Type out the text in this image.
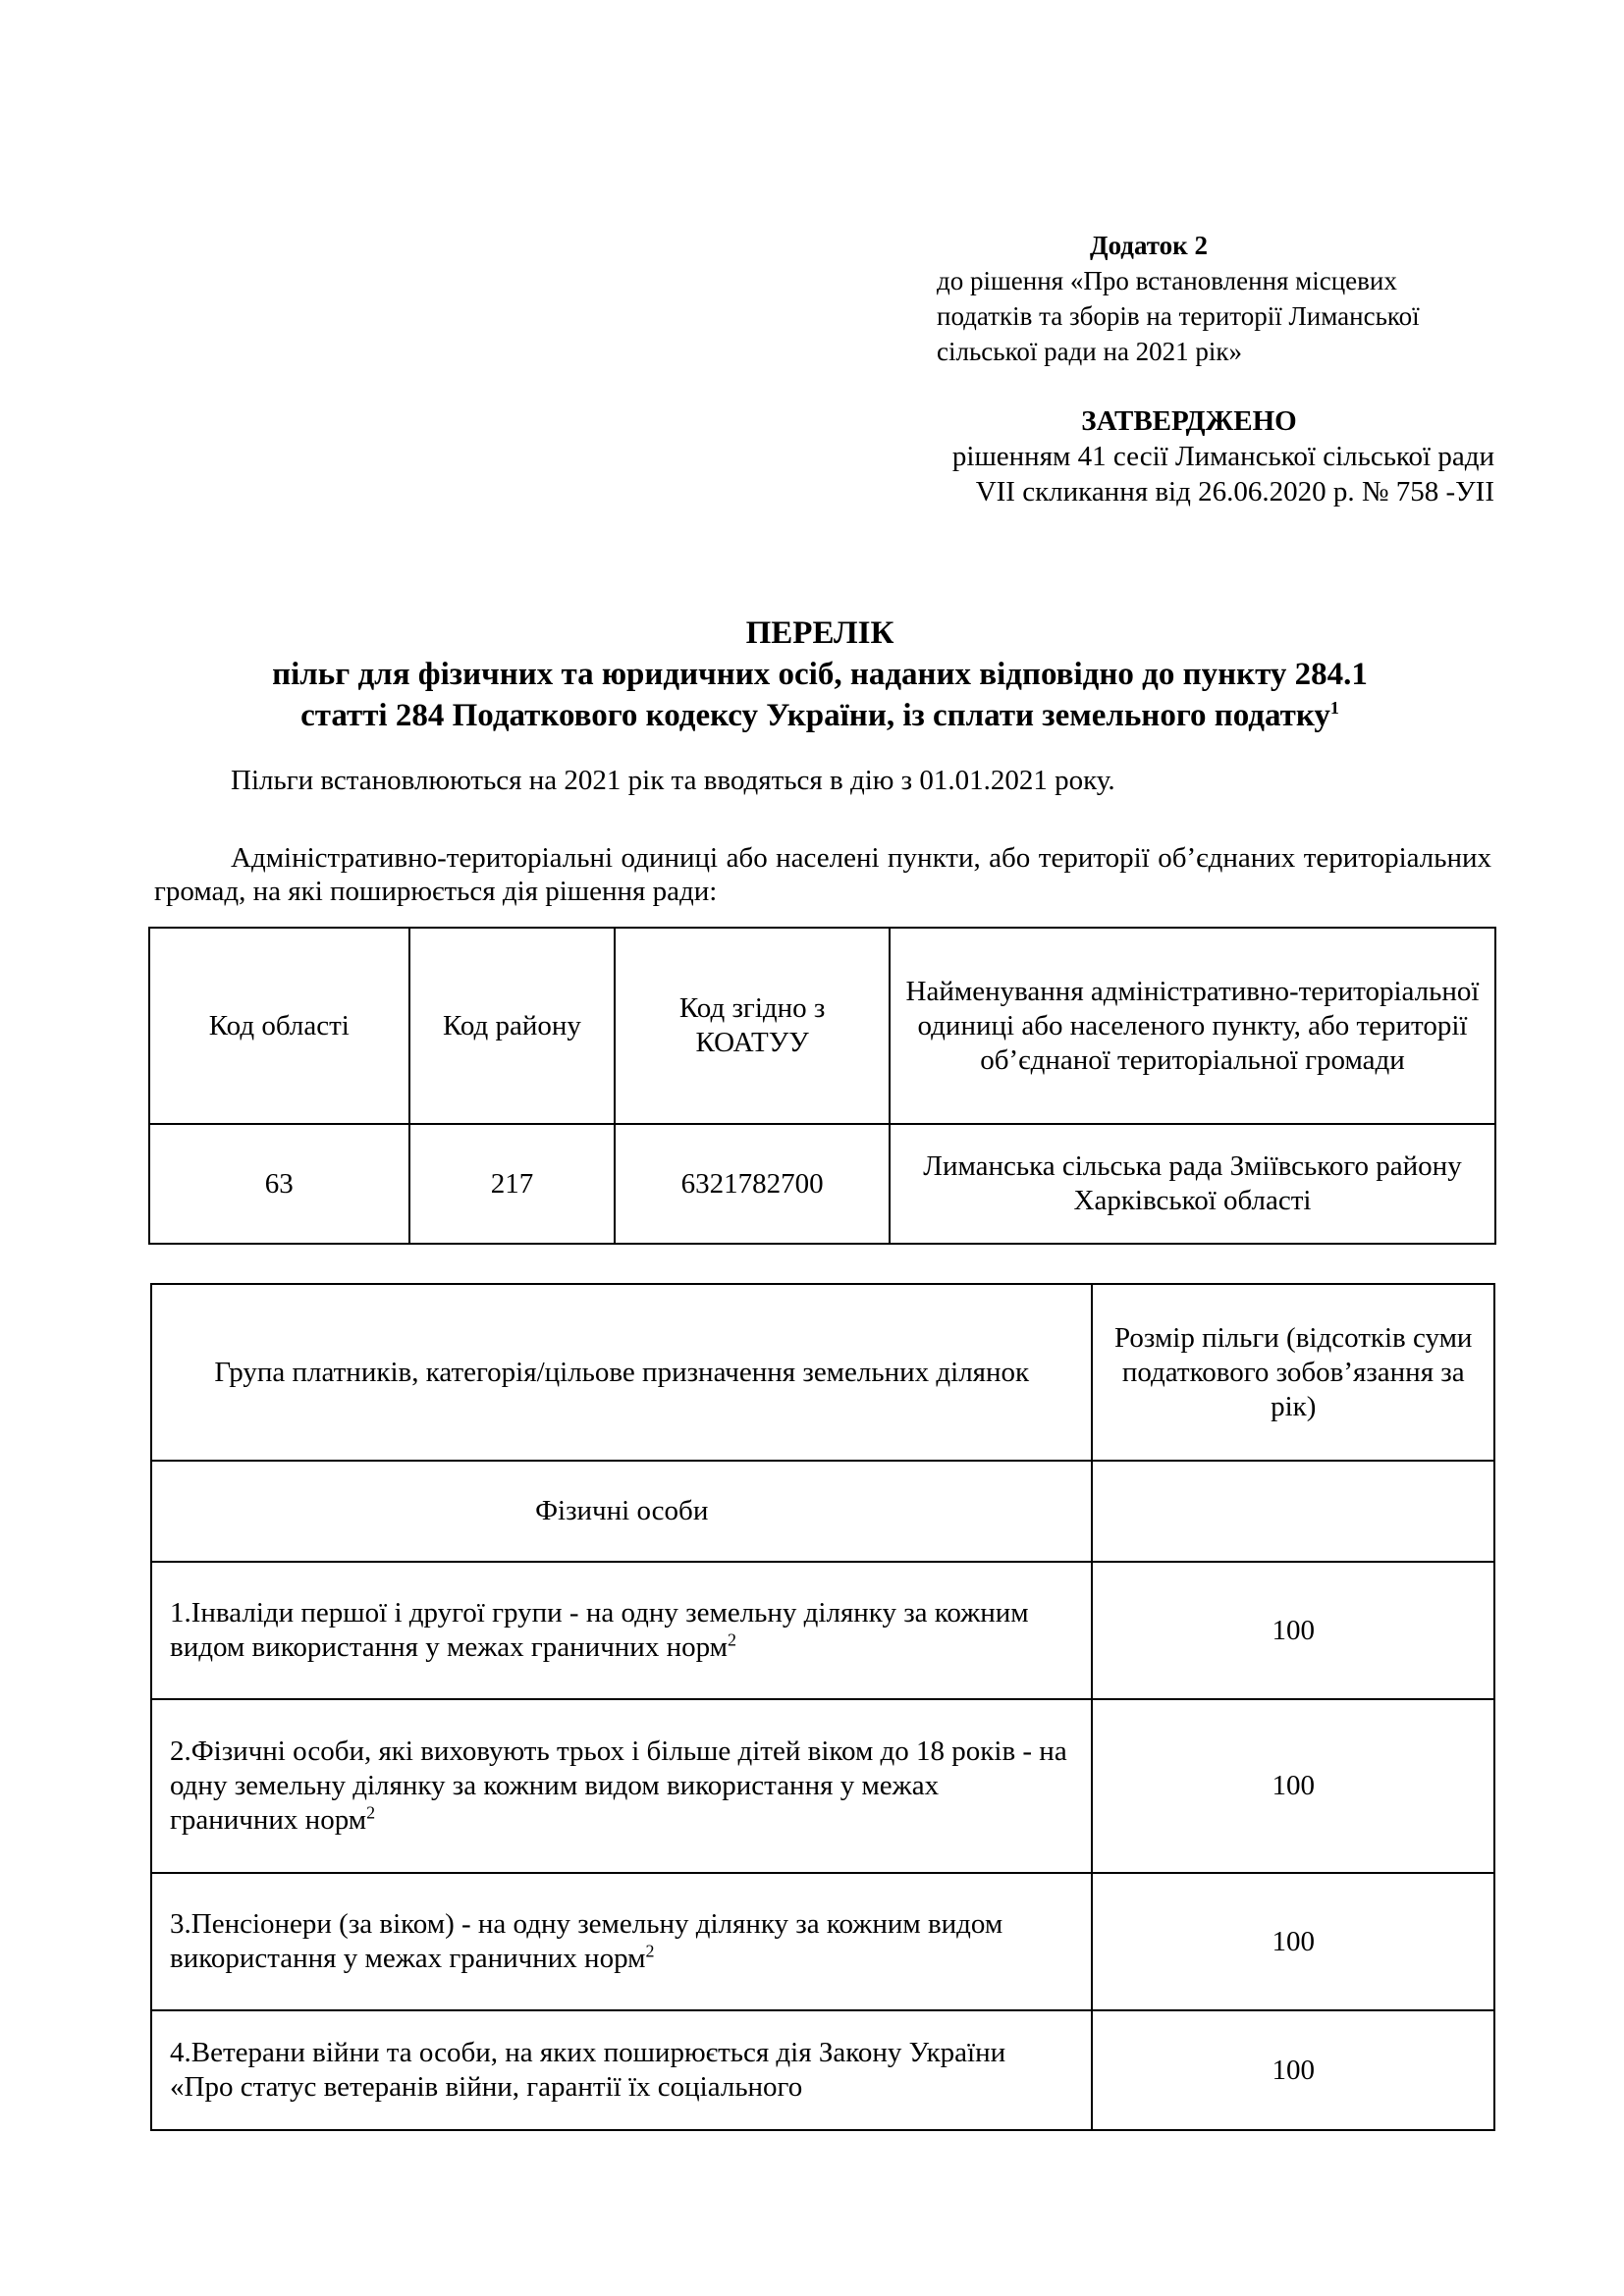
Додаток 2
до рішення «Про встановлення місцевих
податків та зборів на території Лиманської
сільської ради на 2021 рік»
ЗАТВЕРДЖЕНО
рішенням 41 сесії Лиманської сільської ради
VII скликання від 26.06.2020 р. № 758 -УІІ
ПЕРЕЛІК
пільг для фізичних та юридичних осіб, наданих відповідно до пункту 284.1
статті 284 Податкового кодексу України, із сплати земельного податку$^1$
Пільги встановлюються на 2021 рік та вводяться в дію з 01.01.2021 року.
Адміністративно-територіальні одиниці або населені пункти, або території об’єднаних територіальних громад, на які поширюється дія рішення ради:
Код області	Код району	Код згідно з КОАТУУ	Найменування адміністративно-територіальної одиниці або населеного пункту, або території об’єднаної територіальної громади
63	217	6321782700	Лиманська сільська рада Зміївського району Харківської області
Група платників, категорія/цільове призначення земельних ділянок	Розмір пільги (відсотків суми податкового зобов’язання за рік)
Фізичні особи	
1.Інваліди першої і другої групи - на одну земельну ділянку за кожним видом використання у межах граничних норм$^2$	100
2.Фізичні особи, які виховують трьох і більше дітей віком до 18 років - на одну земельну ділянку за кожним видом використання у межах граничних норм$^2$	100
3.Пенсіонери (за віком) - на одну земельну ділянку за кожним видом використання у межах граничних норм$^2$	100
4.Ветерани війни та особи, на яких поширюється дія Закону України «Про статус ветеранів війни, гарантії їх соціального	100
